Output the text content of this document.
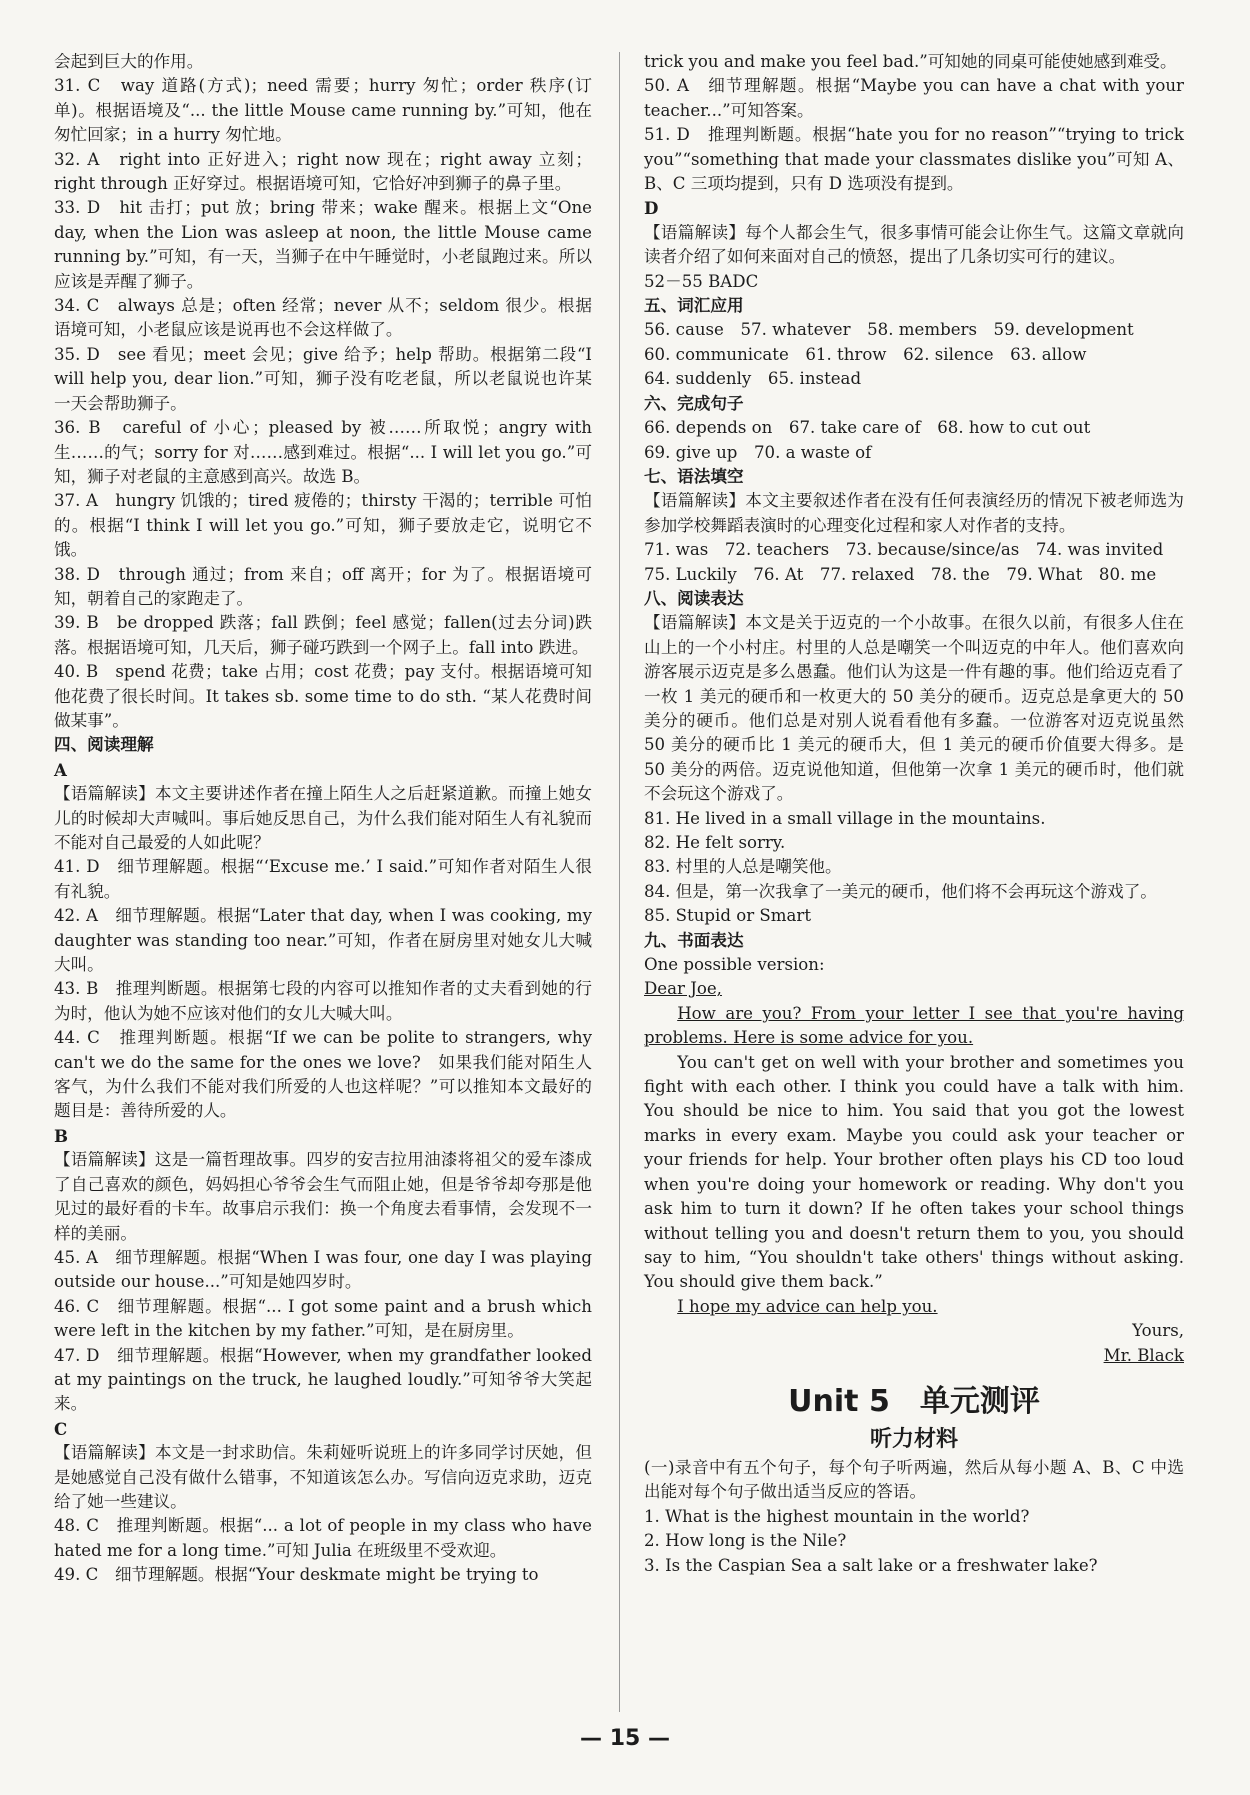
会起到巨大的作用。

31. C　way 道路(方式)；need 需要；hurry 匆忙；order 秩序(订单)。根据语境及“... the little Mouse came running by.”可知，他在匆忙回家；in a hurry 匆忙地。

32. A　right into 正好进入；right now 现在；right away 立刻；right through 正好穿过。根据语境可知，它恰好冲到狮子的鼻子里。

33. D　hit 击打；put 放；bring 带来；wake 醒来。根据上文“One day, when the Lion was asleep at noon, the little Mouse came running by.”可知，有一天，当狮子在中午睡觉时，小老鼠跑过来。所以应该是弄醒了狮子。

34. C　always 总是；often 经常；never 从不；seldom 很少。根据语境可知，小老鼠应该是说再也不会这样做了。

35. D　see 看见；meet 会见；give 给予；help 帮助。根据第二段“I will help you, dear lion.”可知，狮子没有吃老鼠，所以老鼠说也许某一天会帮助狮子。

36. B　careful of 小心；pleased by 被……所取悦；angry with 生……的气；sorry for 对……感到难过。根据“... I will let you go.”可知，狮子对老鼠的主意感到高兴。故选 B。

37. A　hungry 饥饿的；tired 疲倦的；thirsty 干渴的；terrible 可怕的。根据“I think I will let you go.”可知，狮子要放走它，说明它不饿。

38. D　through 通过；from 来自；off 离开；for 为了。根据语境可知，朝着自己的家跑走了。

39. B　be dropped 跌落；fall 跌倒；feel 感觉；fallen(过去分词)跌落。根据语境可知，几天后，狮子碰巧跌到一个网子上。fall into 跌进。

40. B　spend 花费；take 占用；cost 花费；pay 支付。根据语境可知他花费了很长时间。It takes sb. some time to do sth. “某人花费时间做某事”。

四、阅读理解

A

【语篇解读】本文主要讲述作者在撞上陌生人之后赶紧道歉。而撞上她女儿的时候却大声喊叫。事后她反思自己，为什么我们能对陌生人有礼貌而不能对自己最爱的人如此呢？

41. D　细节理解题。根据“‘Excuse me.’ I said.”可知作者对陌生人很有礼貌。

42. A　细节理解题。根据“Later that day, when I was cooking, my daughter was standing too near.”可知，作者在厨房里对她女儿大喊大叫。

43. B　推理判断题。根据第七段的内容可以推知作者的丈夫看到她的行为时，他认为她不应该对他们的女儿大喊大叫。

44. C　推理判断题。根据“If we can be polite to strangers, why can't we do the same for the ones we love?　如果我们能对陌生人客气，为什么我们不能对我们所爱的人也这样呢？”可以推知本文最好的题目是：善待所爱的人。

B

【语篇解读】这是一篇哲理故事。四岁的安吉拉用油漆将祖父的爱车漆成了自己喜欢的颜色，妈妈担心爷爷会生气而阻止她，但是爷爷却夸那是他见过的最好看的卡车。故事启示我们：换一个角度去看事情，会发现不一样的美丽。

45. A　细节理解题。根据“When I was four, one day I was playing outside our house...”可知是她四岁时。

46. C　细节理解题。根据“... I got some paint and a brush which were left in the kitchen by my father.”可知，是在厨房里。

47. D　细节理解题。根据“However, when my grandfather looked at my paintings on the truck, he laughed loudly.”可知爷爷大笑起来。

C

【语篇解读】本文是一封求助信。朱莉娅听说班上的许多同学讨厌她，但是她感觉自己没有做什么错事，不知道该怎么办。写信向迈克求助，迈克给了她一些建议。

48. C　推理判断题。根据“... a lot of people in my class who have hated me for a long time.”可知 Julia 在班级里不受欢迎。

49. C　细节理解题。根据“Your deskmate might be trying to

trick you and make you feel bad.”可知她的同桌可能使她感到难受。

50. A　细节理解题。根据“Maybe you can have a chat with your teacher...”可知答案。

51. D　推理判断题。根据“hate you for no reason”“trying to trick you”“something that made your classmates dislike you”可知 A、B、C 三项均提到，只有 D 选项没有提到。

D

【语篇解读】每个人都会生气，很多事情可能会让你生气。这篇文章就向读者介绍了如何来面对自己的愤怒，提出了几条切实可行的建议。

52－55 BADC

五、词汇应用

56. cause　57. whatever　58. members　59. development

60. communicate　61. throw　62. silence　63. allow

64. suddenly　65. instead

六、完成句子

66. depends on　67. take care of　68. how to cut out

69. give up　70. a waste of

七、语法填空

【语篇解读】本文主要叙述作者在没有任何表演经历的情况下被老师选为参加学校舞蹈表演时的心理变化过程和家人对作者的支持。

71. was　72. teachers　73. because/since/as　74. was invited

75. Luckily　76. At　77. relaxed　78. the　79. What　80. me

八、阅读表达

【语篇解读】本文是关于迈克的一个小故事。在很久以前，有很多人住在山上的一个小村庄。村里的人总是嘲笑一个叫迈克的中年人。他们喜欢向游客展示迈克是多么愚蠢。他们认为这是一件有趣的事。他们给迈克看了一枚 1 美元的硬币和一枚更大的 50 美分的硬币。迈克总是拿更大的 50 美分的硬币。他们总是对别人说看看他有多蠢。一位游客对迈克说虽然 50 美分的硬币比 1 美元的硬币大，但 1 美元的硬币价值要大得多。是 50 美分的两倍。迈克说他知道，但他第一次拿 1 美元的硬币时，他们就不会玩这个游戏了。

81. He lived in a small village in the mountains.

82. He felt sorry.

83. 村里的人总是嘲笑他。

84. 但是，第一次我拿了一美元的硬币，他们将不会再玩这个游戏了。

85. Stupid or Smart

九、书面表达

One possible version:

Dear Joe,

How are you? From your letter I see that you're having problems. Here is some advice for you.

You can't get on well with your brother and sometimes you fight with each other. I think you could have a talk with him. You should be nice to him. You said that you got the lowest marks in every exam. Maybe you could ask your teacher or your friends for help. Your brother often plays his CD too loud when you're doing your homework or reading. Why don't you ask him to turn it down? If he often takes your school things without telling you and doesn't return them to you, you should say to him, “You shouldn't take others' things without asking. You should give them back.”

I hope my advice can help you.

Yours,

Mr. Black

Unit 5　单元测评
听力材料

(一)录音中有五个句子，每个句子听两遍，然后从每小题 A、B、C 中选出能对每个句子做出适当反应的答语。

1. What is the highest mountain in the world?

2. How long is the Nile?

3. Is the Caspian Sea a salt lake or a freshwater lake?

— 15 —
